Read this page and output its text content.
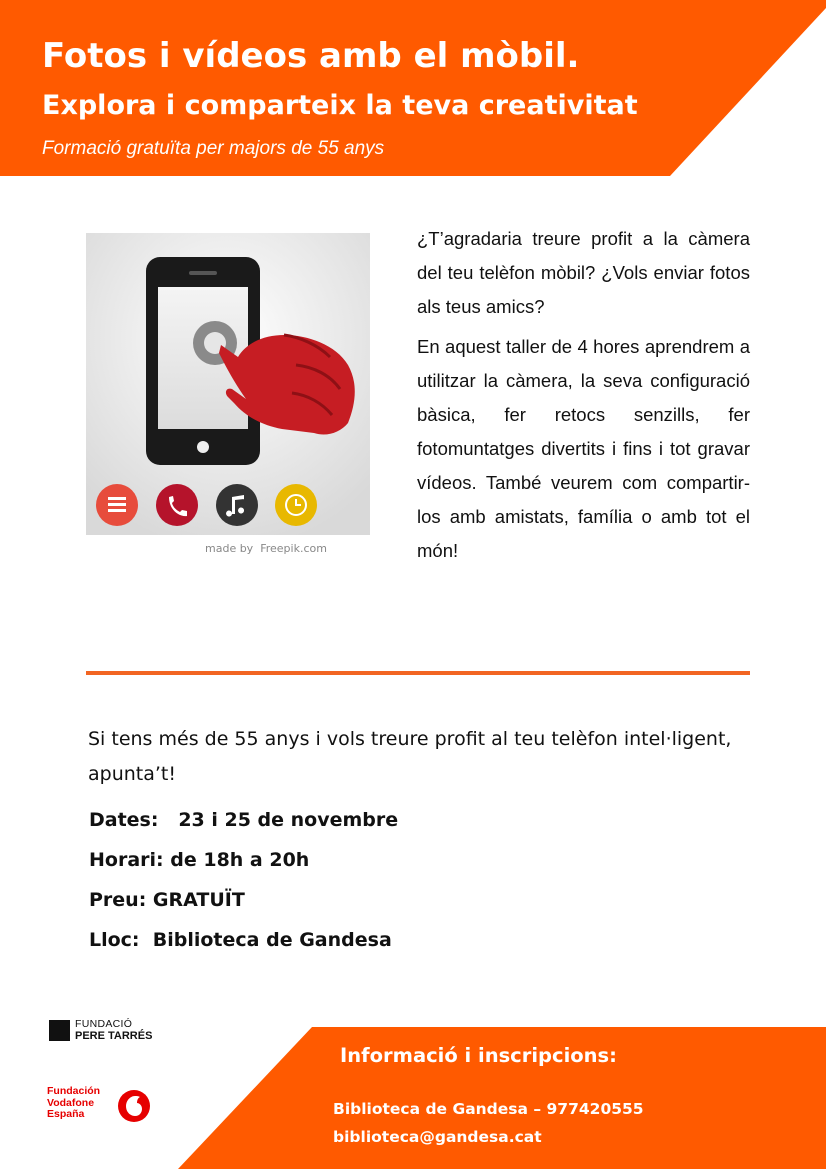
Fotos i vídeos amb el mòbil.
Explora i comparteix la teva creativitat
Formació gratuïta per majors de 55 anys
made by Freepik.com

¿T’agradaria treure profit a la càmera del teu telèfon mòbil? ¿Vols enviar fotos als teus amics?

En aquest taller de 4 hores aprendrem a utilitzar la càmera, la seva configuració bàsica, fer retocs senzills, fer fotomuntatges divertits i fins i tot gravar vídeos. També veurem com compartir-los amb amistats, família o amb tot el món!

Si tens més de 55 anys i vols treure profit al teu telèfon intel·ligent, apunta’t!
Dates:   23 i 25 de novembre
Horari: de 18h a 20h
Preu: GRATUÏT
Lloc:  Biblioteca de Gandesa
FUNDACIÓ
PERE TARRÉS
Fundación
Vodafone
España
Informació i inscripcions:
Biblioteca de Gandesa – 977420555
biblioteca@gandesa.cat
